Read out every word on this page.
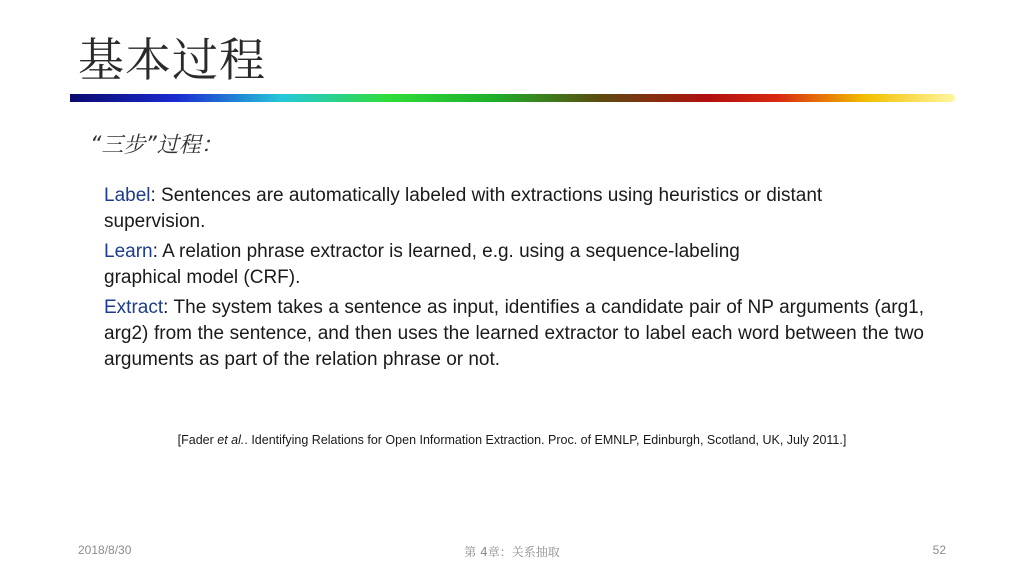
基本过程
“三步”过程：

Label: Sentences are automatically labeled with extractions using heuristics or distant supervision.

Learn: A relation phrase extractor is learned, e.g. using a sequence-labeling graphical model (CRF).

Extract: The system takes a sentence as input, identifies a candidate pair of NP arguments (arg1, arg2) from the sentence, and then uses the learned extractor to label each word between the two arguments as part of the relation phrase or not.

[Fader et al.. Identifying Relations for Open Information Extraction. Proc. of EMNLP, Edinburgh, Scotland, UK, July 2011.]
2018/8/30	第 4章：关系抽取	52
